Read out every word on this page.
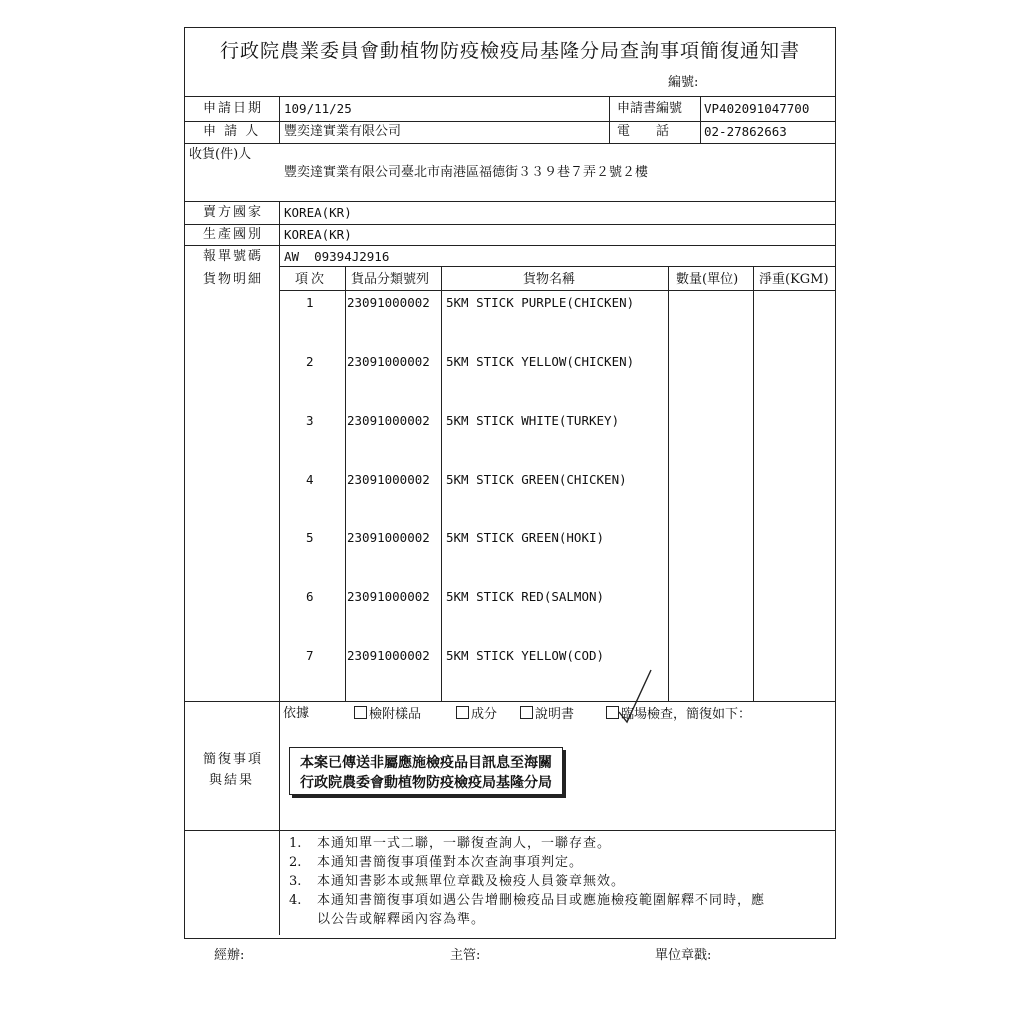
行政院農業委員會動植物防疫檢疫局基隆分局查詢事項簡復通知書
編號:
申請日期 109/11/25	申請書編號 VP402091047700
申 請 人 豐奕達實業有限公司	電　　話	02-27862663
收貨(件)人
豐奕達實業有限公司臺北市南港區福德街３３９巷７弄２號２樓
賣方國家 KOREA(KR)
生產國別 KOREA(KR)
報單號碼 AW  09394J2916
貨物明細 項次 貨品分類號列	貨物名稱	數量(單位) 淨重(KGM)
1	23091000002 5KM STICK PURPLE(CHICKEN)
2	23091000002 5KM STICK YELLOW(CHICKEN)
3	23091000002 5KM STICK WHITE(TURKEY)
4	23091000002 5KM STICK GREEN(CHICKEN)
5	23091000002 5KM STICK GREEN(HOKI)
6	23091000002 5KM STICK RED(SALMON)
7	23091000002 5KM STICK YELLOW(COD)
依據	檢附樣品	成分	說明書	臨場檢查，簡復如下：
簡復事項
與結果
本案已傳送非屬應施檢疫品目訊息至海關
行政院農委會動植物防疫檢疫局基隆分局
1. 本通知單一式二聯，一聯復查詢人，一聯存查。
2. 本通知書簡復事項僅對本次查詢事項判定。
3. 本通知書影本或無單位章戳及檢疫人員簽章無效。
4. 本通知書簡復事項如遇公告增刪檢疫品目或應施檢疫範圍解釋不同時，應
以公告或解釋函內容為準。
經辦:	主管:	單位章戳:
